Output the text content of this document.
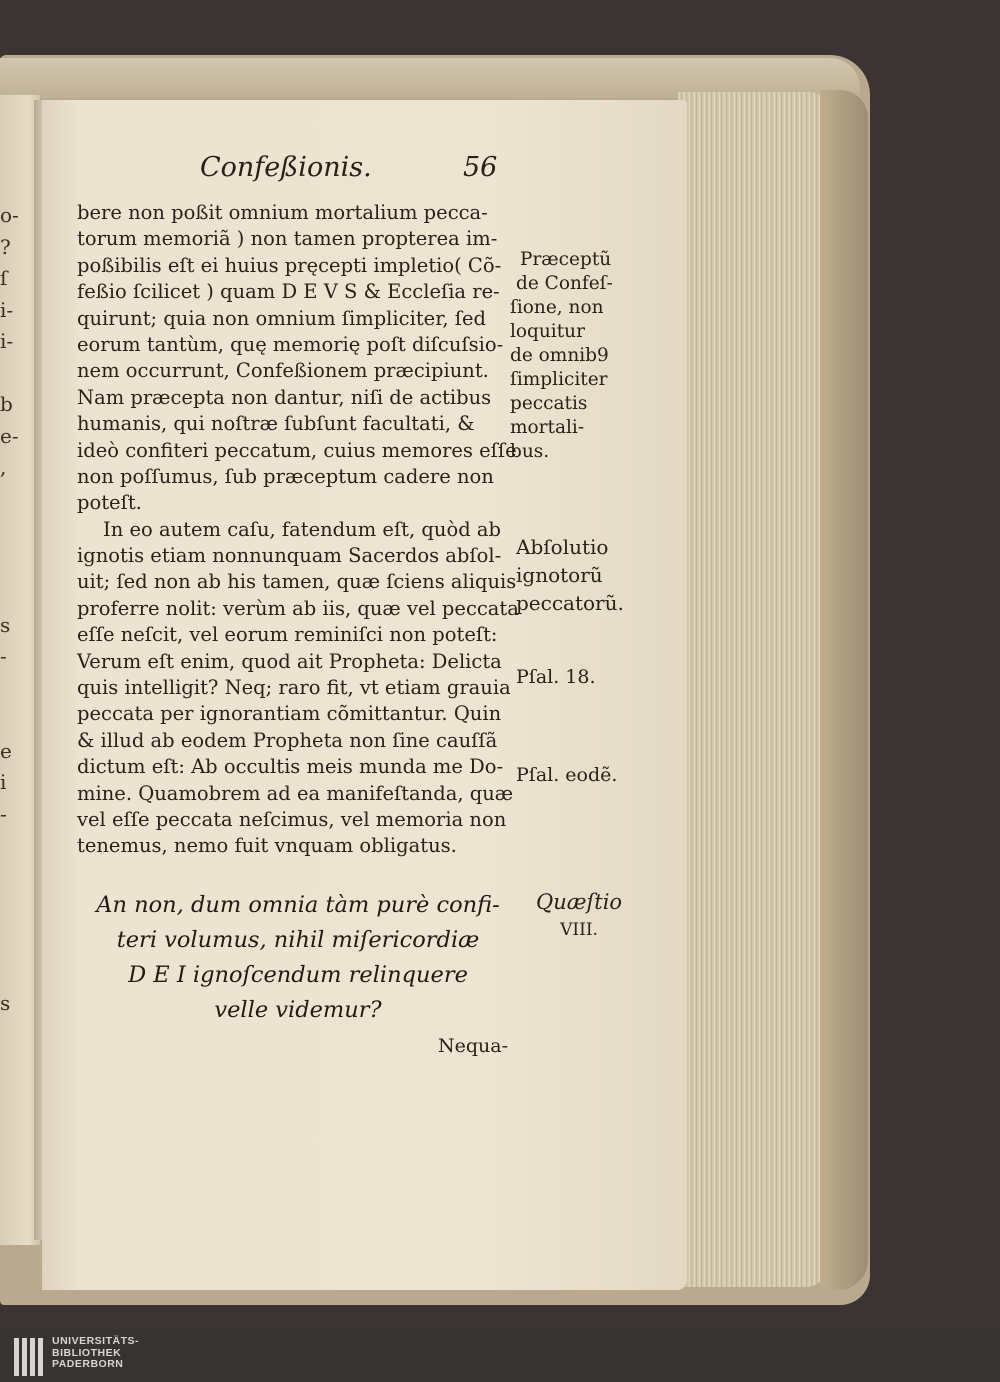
o-
?
ſ
i-
i-
b
e-
,
s
-
e
i
-
s
Confeßionis.	56
bere non poßit omnium mortalium pecca-
torum memoriã ) non tamen propterea im-
poßibilis eſt ei huius pręcepti impletio( Cõ-
feßio ſcilicet ) quam D E V S & Eccleſia re-
quirunt; quia non omnium ſimpliciter, ſed
eorum tantùm, quę memorię poſt diſcuſsio-
nem occurrunt, Confeßionem præcipiunt.
Nam præcepta non dantur, niſi de actibus
humanis, qui noſtræ ſubſunt facultati, &
ideò confiteri peccatum, cuius memores eſſe
non poſſumus, ſub præceptum cadere non
poteſt.
In eo autem caſu, fatendum eſt, quòd ab
ignotis etiam nonnunquam Sacerdos abſol-
uit; ſed non ab his tamen, quæ ſciens aliquis
proferre nolit: verùm ab iis, quæ vel peccata
eſſe neſcit, vel eorum reminiſci non poteſt:
Verum eſt enim, quod ait Propheta: Delicta
quis intelligit? Neq; raro fit, vt etiam grauia
peccata per ignorantiam cõmittantur. Quin
& illud ab eodem Propheta non ſine cauſſã
dictum eſt: Ab occultis meis munda me Do-
mine. Quamobrem ad ea manifeſtanda, quæ
vel eſſe peccata neſcimus, vel memoria non
tenemus, nemo fuit vnquam obligatus.
An non, dum omnia tàm purè confi-
teri volumus, nihil miſericordiæ
D E I ignoſcendum relinquere
velle videmur?
Nequa-
Præceptũ
de Confeſ-
ſione, non
loquitur
de omnib9
ſimpliciter
peccatis
mortali-
bus.
Abſolutio
ignotorũ
peccatorũ.
Pſal. 18.
Pſal. eodẽ.
Quæſtio
VIII.
UNIVERSITÄTS-
BIBLIOTHEK
PADERBORN
